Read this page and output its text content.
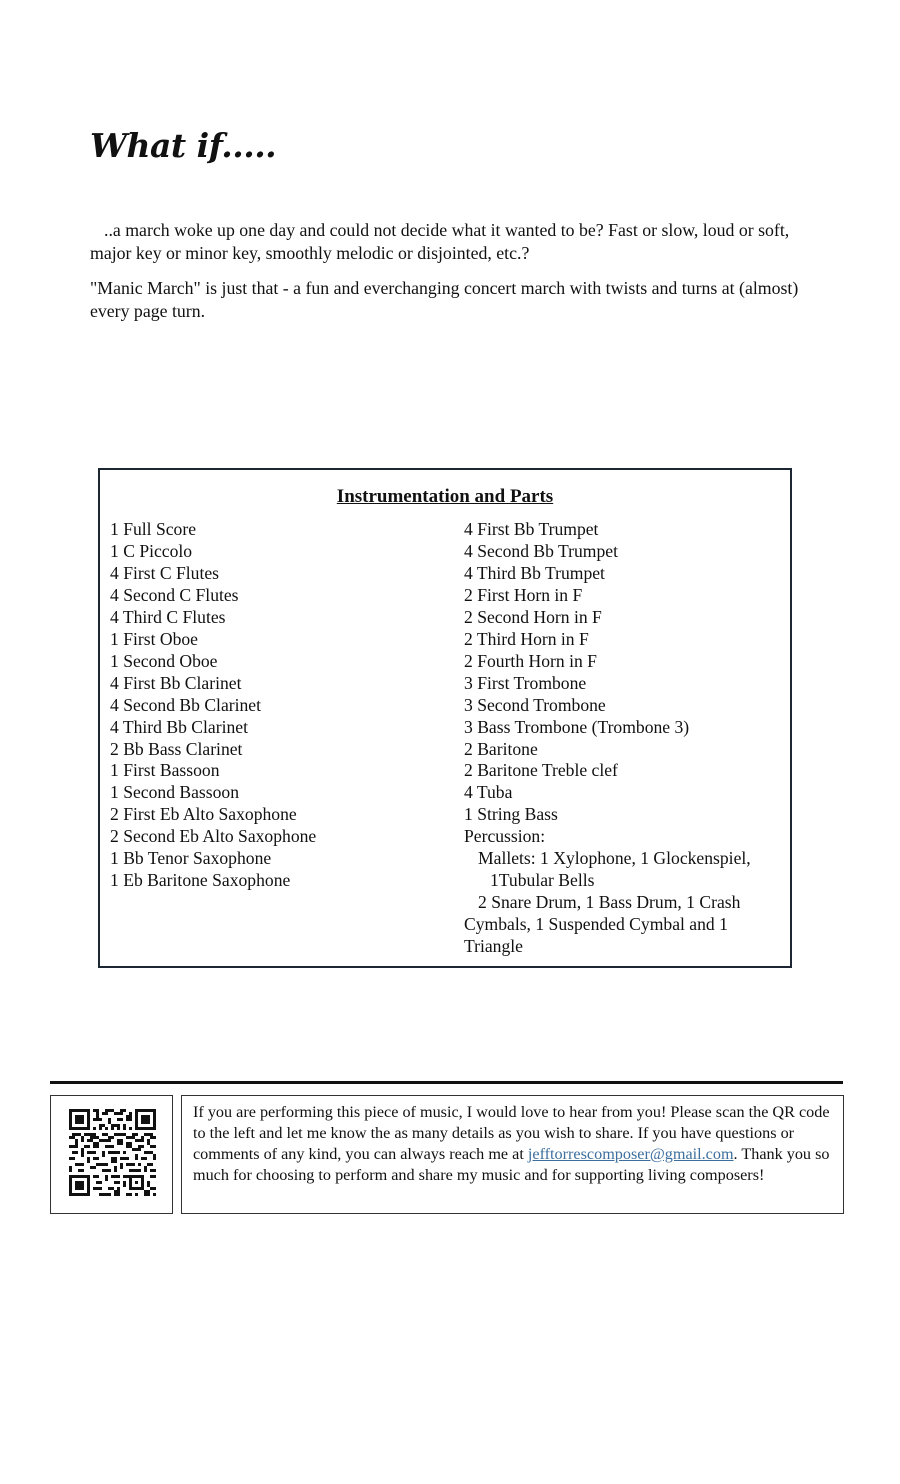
What if.....

..a march woke up one day and could not decide what it wanted to be? Fast or slow, loud or soft, major key or minor key, smoothly melodic or disjointed, etc.?

"Manic March" is just that - a fun and everchanging concert march with twists and turns at (almost) every page turn.

Instrumentation and Parts
1 Full Score
1 C Piccolo
4 First C Flutes
4 Second C Flutes
4 Third C Flutes
1 First Oboe
1 Second Oboe
4 First Bb Clarinet
4 Second Bb Clarinet
4 Third Bb Clarinet
2 Bb Bass Clarinet
1 First Bassoon
1 Second Bassoon
2 First Eb Alto Saxophone
2 Second Eb Alto Saxophone
1 Bb Tenor Saxophone
1 Eb Baritone Saxophone
4 First Bb Trumpet
4 Second Bb Trumpet
4 Third Bb Trumpet
2 First Horn in F
2 Second Horn in F
2 Third Horn in F
2 Fourth Horn in F
3 First Trombone
3 Second Trombone
3 Bass Trombone (Trombone 3)
2 Baritone
2 Baritone Treble clef
4 Tuba
1 String Bass
Percussion:
Mallets: 1 Xylophone, 1 Glockenspiel,
1Tubular Bells
2 Snare Drum, 1 Bass Drum, 1 Crash
Cymbals, 1 Suspended Cymbal and 1
Triangle
If you are performing this piece of music, I would love to hear from you! Please scan the QR code to the left and let me know the as many details as you wish to share. If you have questions or comments of any kind, you can always reach me at jefftorrescomposer@gmail.com. Thank you so much for choosing to perform and share my music and for supporting living composers!
